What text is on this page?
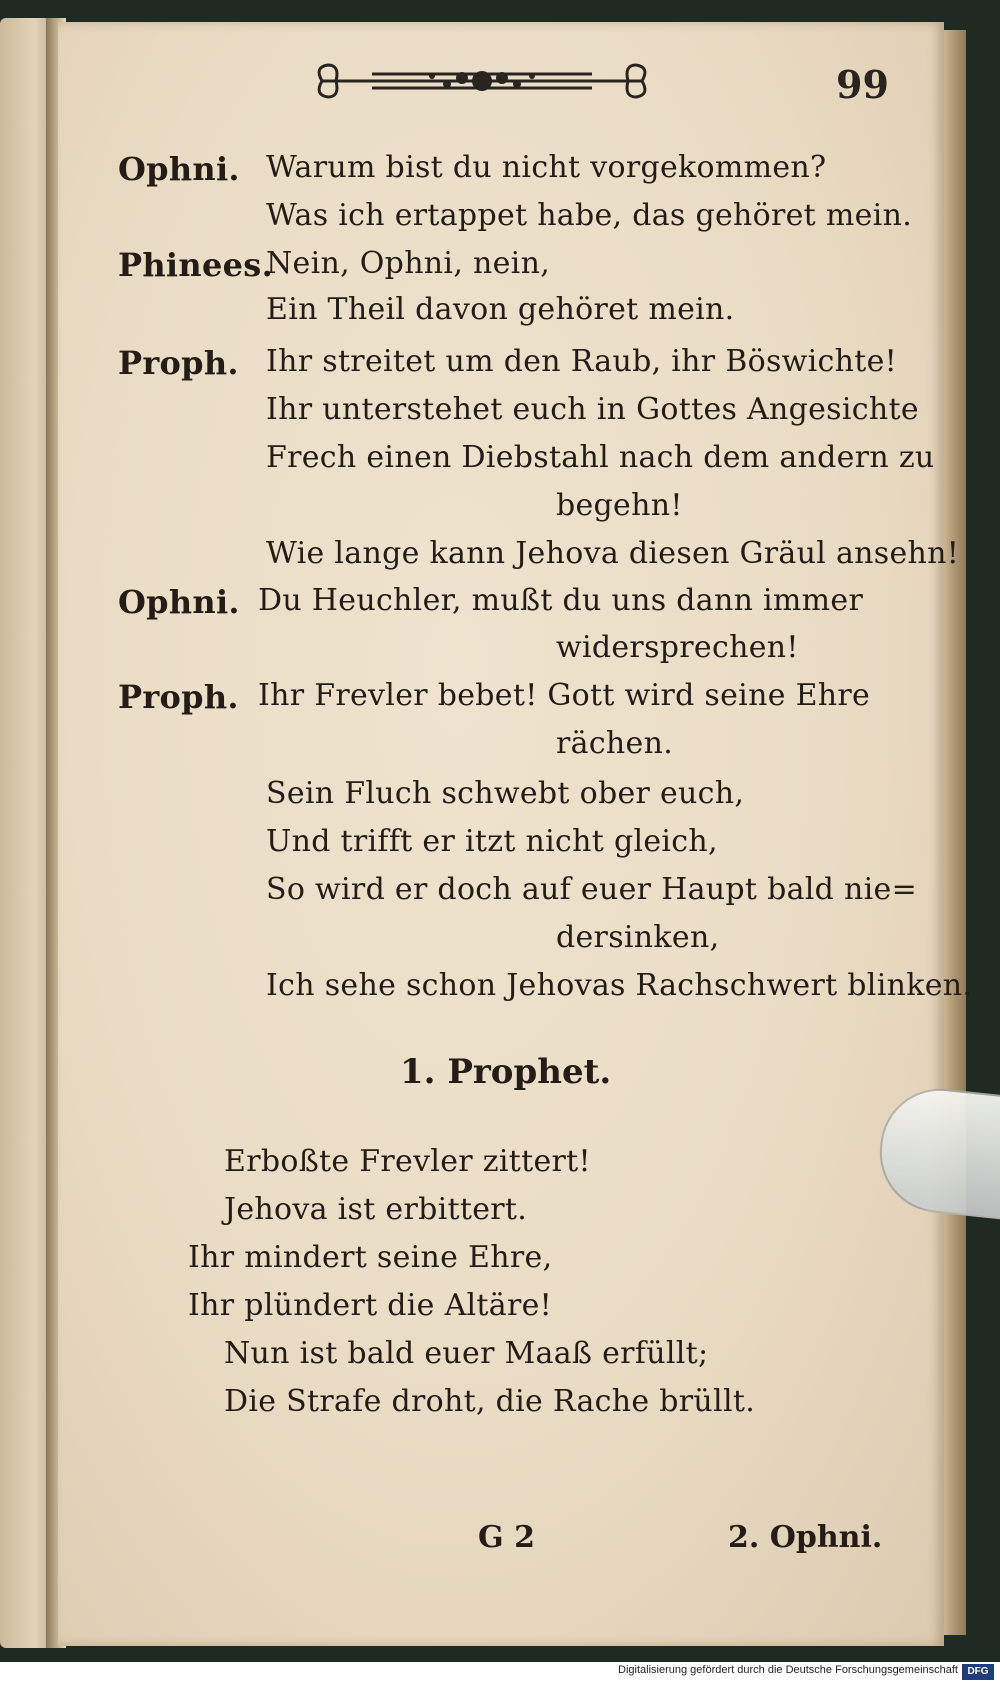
99
Ophni. Warum bist du nicht vorgekommen?
Was ich ertappet habe, das gehöret mein.
Phinees.
Nein, Ophni, nein,
Ein Theil davon gehöret mein.
Proph. Ihr streitet um den Raub, ihr Böswichte!
Ihr unterstehet euch in Gottes Angesichte
Frech einen Diebstahl nach dem andern zu
begehn!
Wie lange kann Jehova diesen Gräul ansehn!
Ophni. Du Heuchler, mußt du uns dann immer
widersprechen!
Proph. Ihr Frevler bebet! Gott wird seine Ehre
rächen.
Sein Fluch schwebt ober euch,
Und trifft er itzt nicht gleich,
So wird er doch auf euer Haupt bald nie=
dersinken,
Ich sehe schon Jehovas Rachschwert blinken.
1. Prophet.
Erboßte Frevler zittert!
Jehova ist erbittert.
Ihr mindert seine Ehre,
Ihr plündert die Altäre!
Nun ist bald euer Maaß erfüllt;
Die Strafe droht, die Rache brüllt.
G 2	2. Ophni.
Digitalisierung gefördert durch die Deutsche Forschungsgemeinschaft DFG
